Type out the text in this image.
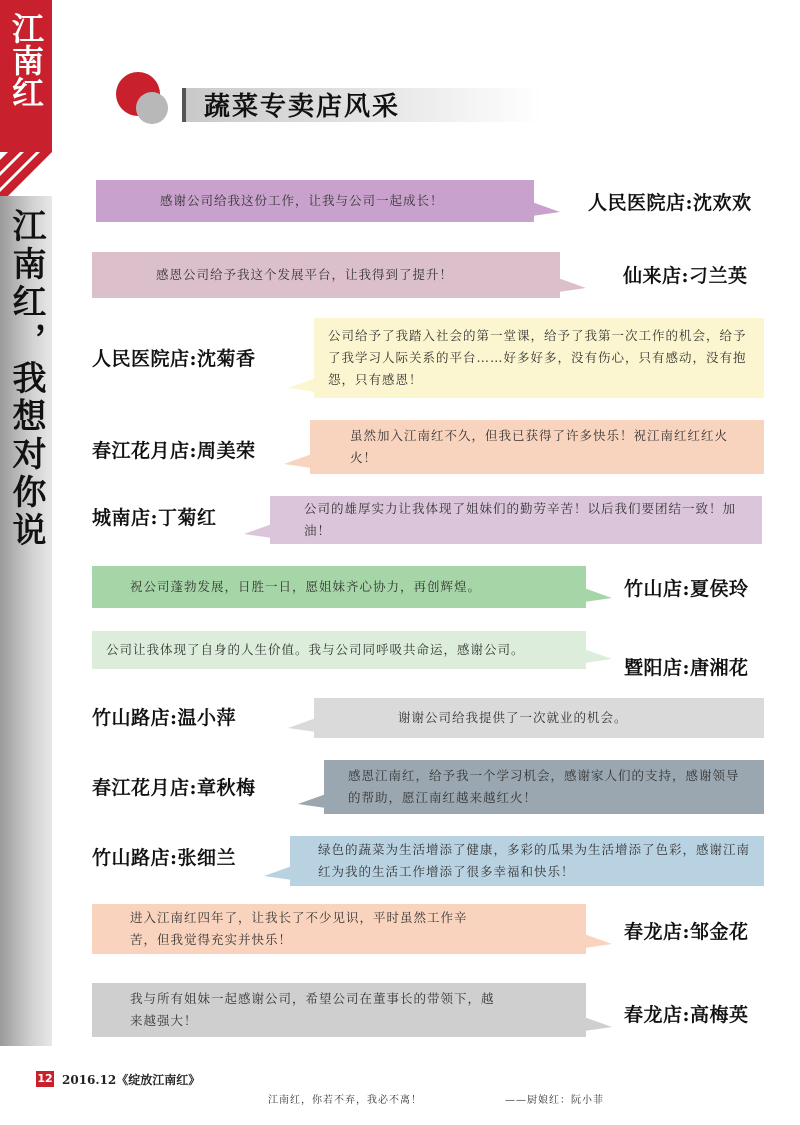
江南红
江南红，我想对你说
蔬菜专卖店风采
感谢公司给我这份工作，让我与公司一起成长！	人民医院店:沈欢欢
感恩公司给予我这个发展平台，让我得到了提升！	仙来店:刁兰英
公司给予了我踏入社会的第一堂课，给予了我第一次工作的机会，给予了我学习人际关系的平台……好多好多，没有伤心，只有感动，没有抱怨，只有感恩！
人民医院店:沈菊香
虽然加入江南红不久，但我已获得了许多快乐！祝江南红红红火火！
春江花月店:周美荣
公司的雄厚实力让我体现了姐妹们的勤劳辛苦！以后我们要团结一致！加油！
城南店:丁菊红
祝公司蓬勃发展，日胜一日，愿姐妹齐心协力，再创辉煌。	竹山店:夏侯玲
公司让我体现了自身的人生价值。我与公司同呼吸共命运，感谢公司。
暨阳店:唐湘花
谢谢公司给我提供了一次就业的机会。
竹山路店:温小萍
感恩江南红，给予我一个学习机会，感谢家人们的支持，感谢领导的帮助，愿江南红越来越红火！
春江花月店:章秋梅
绿色的蔬菜为生活增添了健康，多彩的瓜果为生活增添了色彩，感谢江南红为我的生活工作增添了很多幸福和快乐！
竹山路店:张细兰
进入江南红四年了，让我长了不少见识，平时虽然工作辛苦，但我觉得充实并快乐！	春龙店:邹金花
我与所有姐妹一起感谢公司，希望公司在董事长的带领下，越来越强大！	春龙店:高梅英
12 2016.12《绽放江南红》
江南红，你若不弃，我必不离！	——厨娘红：阮小菲
